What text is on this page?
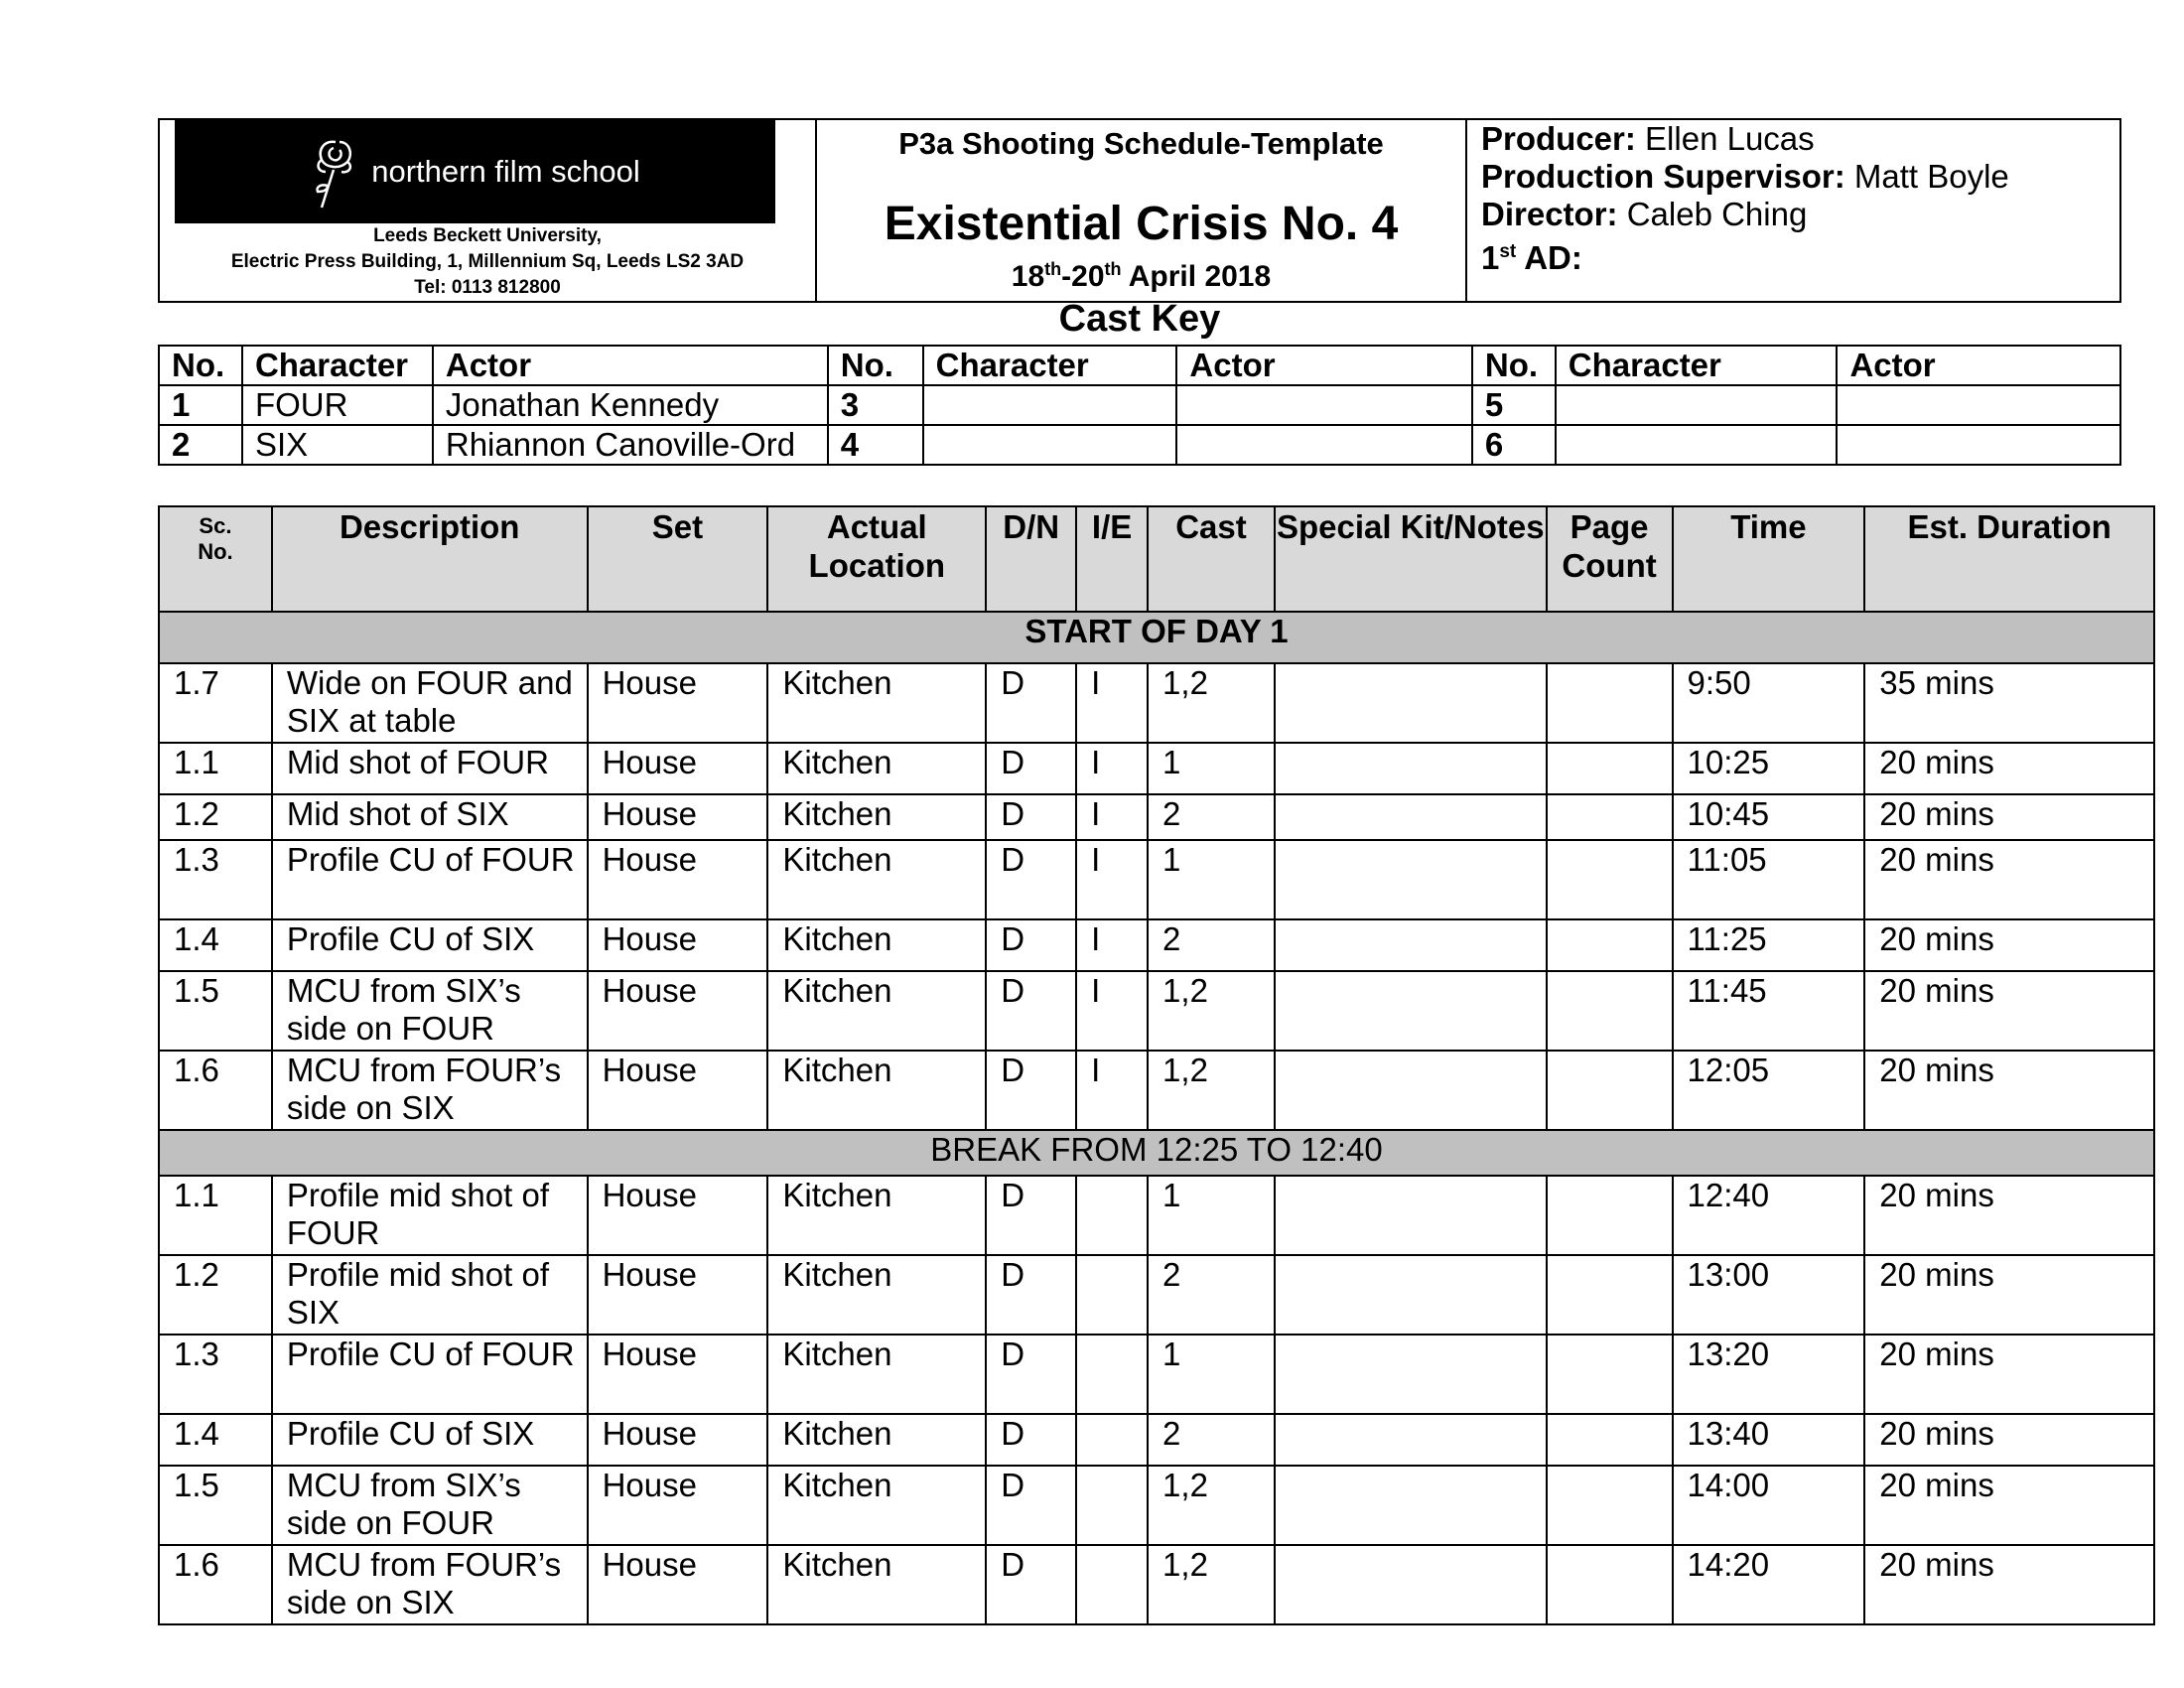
northern film school
Leeds Beckett University,
Electric Press Building, 1, Millennium Sq, Leeds LS2 3AD
Tel: 0113 812800

P3a Shooting Schedule-Template
Existential Crisis No. 4
18th-20th April 2018

Producer: Ellen Lucas
Production Supervisor: Matt Boyle
Director: Caleb Ching
1st AD:
Cast Key
No.	Character	Actor	No.	Character	Actor	No.	Character	Actor
1	FOUR	Jonathan Kennedy	3			5		
2	SIX	Rhiannon Canoville-Ord	4			6		
Sc.
No.	Description	Set	Actual Location	D/N	I/E	Cast	Special Kit/Notes	Page Count	Time	Est. Duration
START OF DAY 1										
1.7	Wide on FOUR and SIX at table	House	Kitchen	D	I	1,2			9:50	35 mins
1.1	Mid shot of FOUR	House	Kitchen	D	I	1			10:25	20 mins
1.2	Mid shot of SIX	House	Kitchen	D	I	2			10:45	20 mins
1.3	Profile CU of FOUR	House	Kitchen	D	I	1			11:05	20 mins
1.4	Profile CU of SIX	House	Kitchen	D	I	2			11:25	20 mins
1.5	MCU from SIX’s side on FOUR	House	Kitchen	D	I	1,2			11:45	20 mins
1.6	MCU from FOUR’s side on SIX	House	Kitchen	D	I	1,2			12:05	20 mins
BREAK FROM 12:25 TO 12:40										
1.1	Profile mid shot of FOUR	House	Kitchen	D		1			12:40	20 mins
1.2	Profile mid shot of SIX	House	Kitchen	D		2			13:00	20 mins
1.3	Profile CU of FOUR	House	Kitchen	D		1			13:20	20 mins
1.4	Profile CU of SIX	House	Kitchen	D		2			13:40	20 mins
1.5	MCU from SIX’s side on FOUR	House	Kitchen	D		1,2			14:00	20 mins
1.6	MCU from FOUR’s side on SIX	House	Kitchen	D		1,2			14:20	20 mins
